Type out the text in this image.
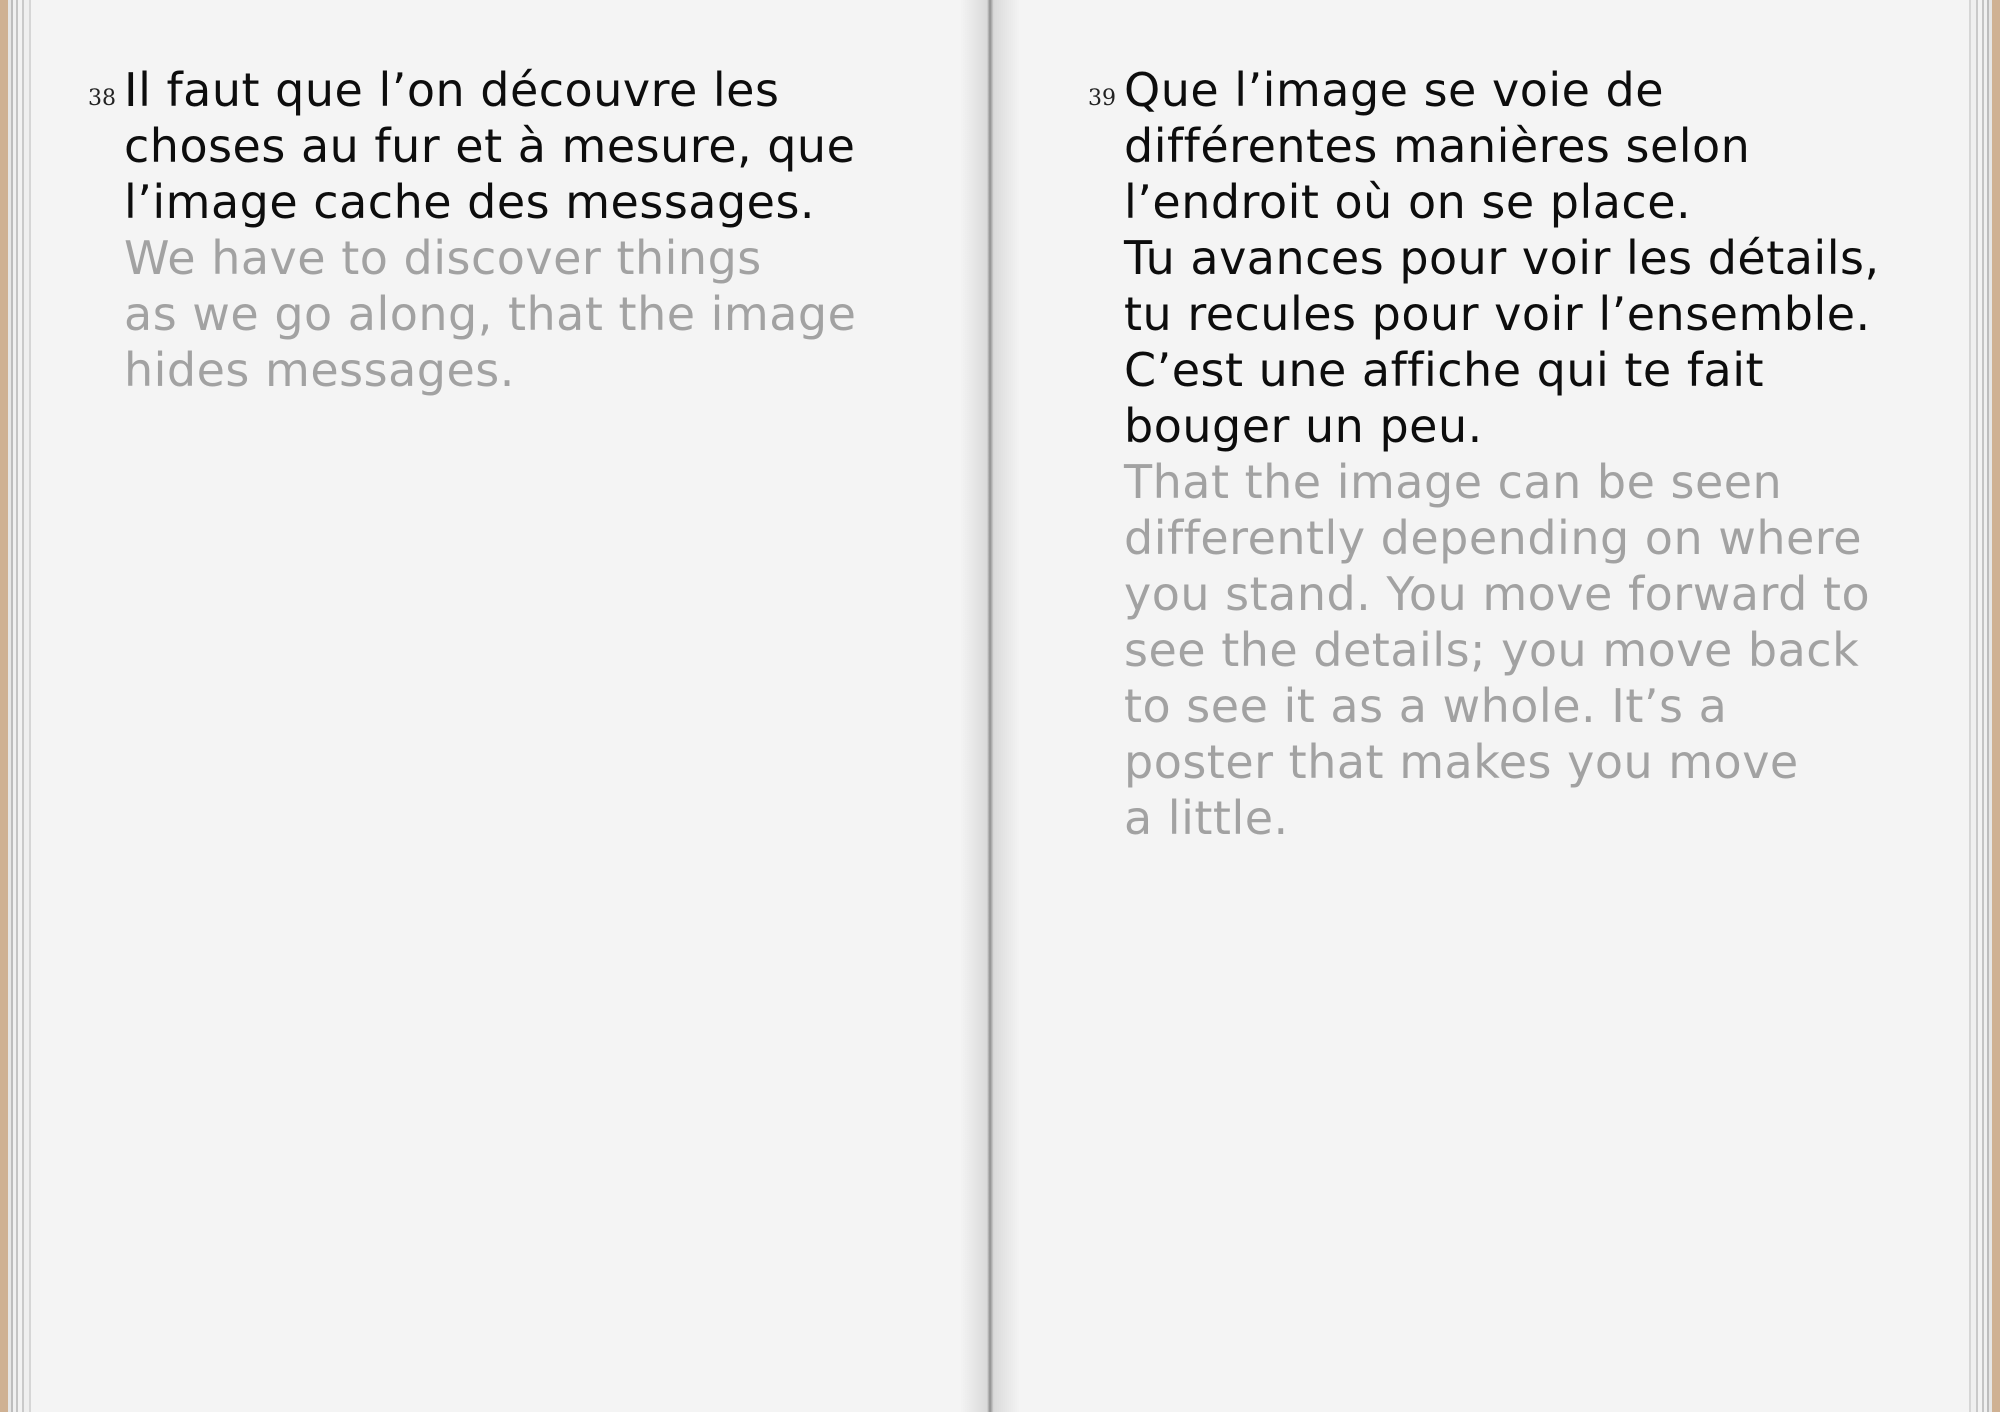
38 Il faut que l’on découvre les
choses au fur et à mesure, que
l’image cache des messages.

We have to discover things
as we go along, that the image
hides messages.

39 Que l’image se voie de
différentes manières selon
l’endroit où on se place.
Tu avances pour voir les détails,
tu recules pour voir l’ensemble.
C’est une affiche qui te fait
bouger un peu.

That the image can be seen
differently depending on where
you stand. You move forward to
see the details; you move back
to see it as a whole. It’s a
poster that makes you move
a little.
